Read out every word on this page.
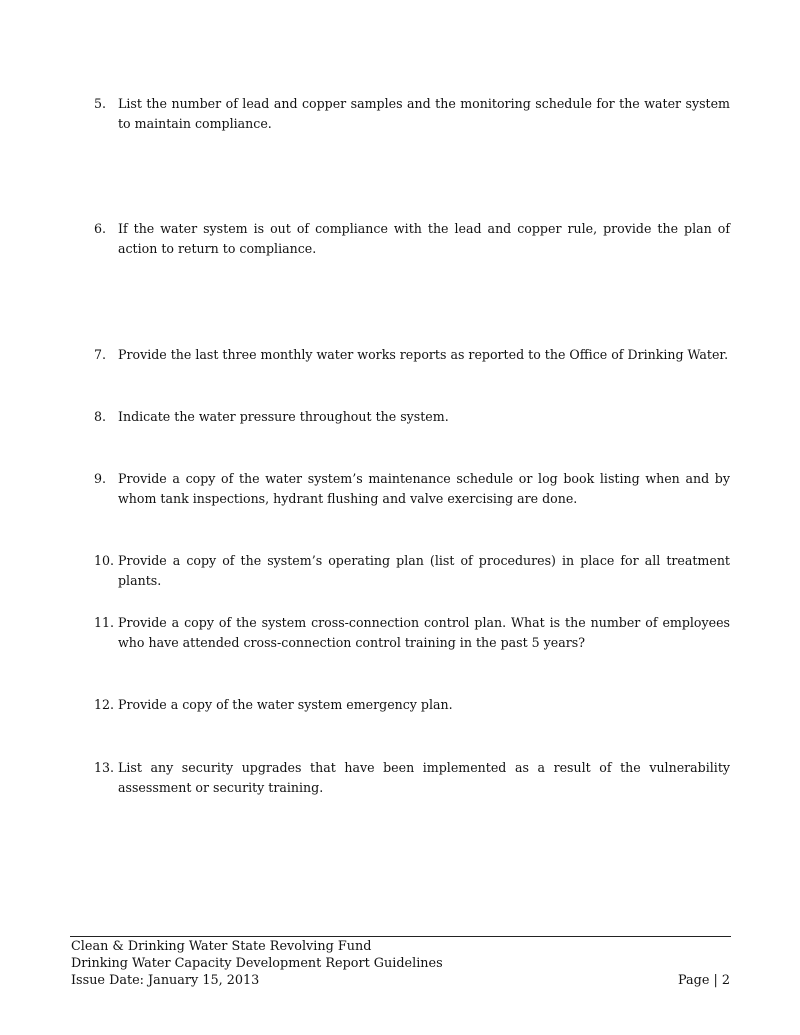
5. List the number of lead and copper samples and the monitoring schedule for the water system to maintain compliance.
6. If the water system is out of compliance with the lead and copper rule, provide the plan of action to return to compliance.
7. Provide the last three monthly water works reports as reported to the Office of Drinking Water.
8. Indicate the water pressure throughout the system.
9. Provide a copy of the water system’s maintenance schedule or log book listing when and by whom tank inspections, hydrant flushing and valve exercising are done.
10. Provide a copy of the system’s operating plan (list of procedures) in place for all treatment plants.
11. Provide a copy of the system cross-connection control plan. What is the number of employees who have attended cross-connection control training in the past 5 years?
12. Provide a copy of the water system emergency plan.
13. List any security upgrades that have been implemented as a result of the vulnerability assessment or security training.
Clean & Drinking Water State Revolving Fund
Drinking Water Capacity Development Report Guidelines
Issue Date: January 15, 2013	Page | 2
